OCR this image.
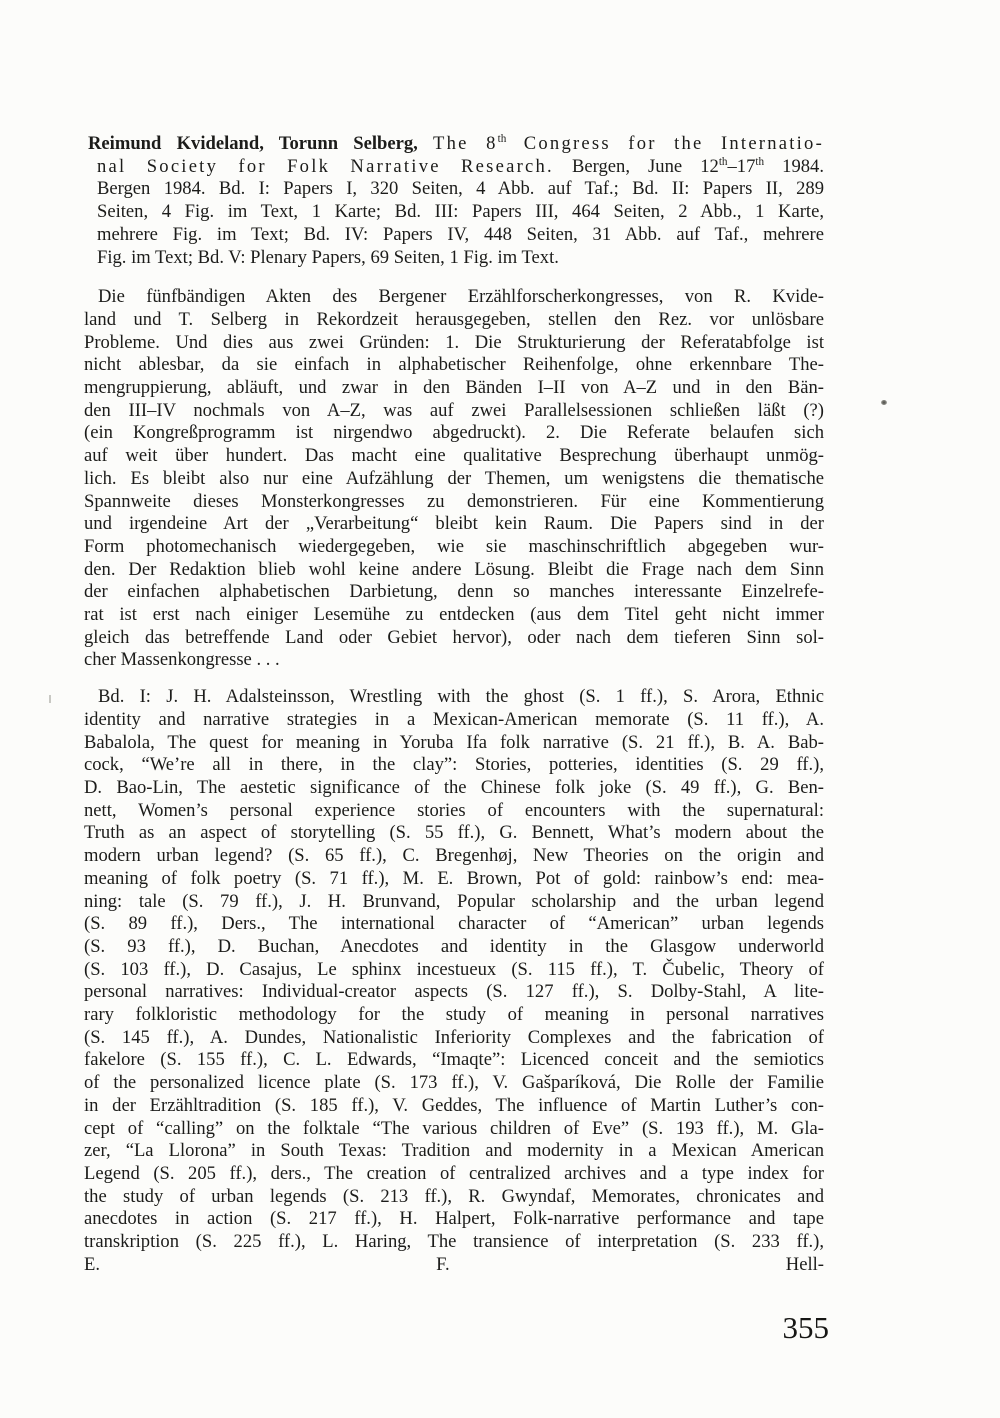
Reimund Kvideland, Torunn Selberg, The 8th Congress for the Internatio-
nal Society for Folk Narrative Research. Bergen, June 12th–17th 1984.
Bergen 1984. Bd. I: Papers I, 320 Seiten, 4 Abb. auf Taf.; Bd. II: Papers II, 289
Seiten, 4 Fig. im Text, 1 Karte; Bd. III: Papers III, 464 Seiten, 2 Abb., 1 Karte,
mehrere Fig. im Text; Bd. IV: Papers IV, 448 Seiten, 31 Abb. auf Taf., mehrere
Fig. im Text; Bd. V: Plenary Papers, 69 Seiten, 1 Fig. im Text.
Die fünfbändigen Akten des Bergener Erzählforscherkongresses, von R. Kvide-
land und T. Selberg in Rekordzeit herausgegeben, stellen den Rez. vor unlösbare
Probleme. Und dies aus zwei Gründen: 1. Die Strukturierung der Referatabfolge ist
nicht ablesbar, da sie einfach in alphabetischer Reihenfolge, ohne erkennbare The-
mengruppierung, abläuft, und zwar in den Bänden I–II von A–Z und in den Bän-
den III–IV nochmals von A–Z, was auf zwei Parallelsessionen schließen läßt (?)
(ein Kongreßprogramm ist nirgendwo abgedruckt). 2. Die Referate belaufen sich
auf weit über hundert. Das macht eine qualitative Besprechung überhaupt unmög-
lich. Es bleibt also nur eine Aufzählung der Themen, um wenigstens die thematische
Spannweite dieses Monsterkongresses zu demonstrieren. Für eine Kommentierung
und irgendeine Art der „Verarbeitung“ bleibt kein Raum. Die Papers sind in der
Form photomechanisch wiedergegeben, wie sie maschinschriftlich abgegeben wur-
den. Der Redaktion blieb wohl keine andere Lösung. Bleibt die Frage nach dem Sinn
der einfachen alphabetischen Darbietung, denn so manches interessante Einzelrefe-
rat ist erst nach einiger Lesemühe zu entdecken (aus dem Titel geht nicht immer
gleich das betreffende Land oder Gebiet hervor), oder nach dem tieferen Sinn sol-
cher Massenkongresse . . .
Bd. I: J. H. Adalsteinsson, Wrestling with the ghost (S. 1 ff.), S. Arora, Ethnic
identity and narrative strategies in a Mexican-American memorate (S. 11 ff.), A.
Babalola, The quest for meaning in Yoruba Ifa folk narrative (S. 21 ff.), B. A. Bab-
cock, “We’re all in there, in the clay”: Stories, potteries, identities (S. 29 ff.),
D. Bao-Lin, The aestetic significance of the Chinese folk joke (S. 49 ff.), G. Ben-
nett, Women’s personal experience stories of encounters with the supernatural:
Truth as an aspect of storytelling (S. 55 ff.), G. Bennett, What’s modern about the
modern urban legend? (S. 65 ff.), C. Bregenhøj, New Theories on the origin and
meaning of folk poetry (S. 71 ff.), M. E. Brown, Pot of gold: rainbow’s end: mea-
ning: tale (S. 79 ff.), J. H. Brunvand, Popular scholarship and the urban legend
(S. 89 ff.), Ders., The international character of “American” urban legends
(S. 93 ff.), D. Buchan, Anecdotes and identity in the Glasgow underworld
(S. 103 ff.), D. Casajus, Le sphinx incestueux (S. 115 ff.), T. Čubelic, Theory of
personal narratives: Individual-creator aspects (S. 127 ff.), S. Dolby-Stahl, A lite-
rary folkloristic methodology for the study of meaning in personal narratives
(S. 145 ff.), A. Dundes, Nationalistic Inferiority Complexes and the fabrication of
fakelore (S. 155 ff.), C. L. Edwards, “Imaqte”: Licenced conceit and the semiotics
of the personalized licence plate (S. 173 ff.), V. Gašparíková, Die Rolle der Familie
in der Erzähltradition (S. 185 ff.), V. Geddes, The influence of Martin Luther’s con-
cept of “calling” on the folktale “The various children of Eve” (S. 193 ff.), M. Gla-
zer, “La Llorona” in South Texas: Tradition and modernity in a Mexican American
Legend (S. 205 ff.), ders., The creation of centralized archives and a type index for
the study of urban legends (S. 213 ff.), R. Gwyndaf, Memorates, chronicates and
anecdotes in action (S. 217 ff.), H. Halpert, Folk-narrative performance and tape
transkription (S. 225 ff.), L. Haring, The transience of interpretation (S. 233 ff.),
E. F. Hell-
355
